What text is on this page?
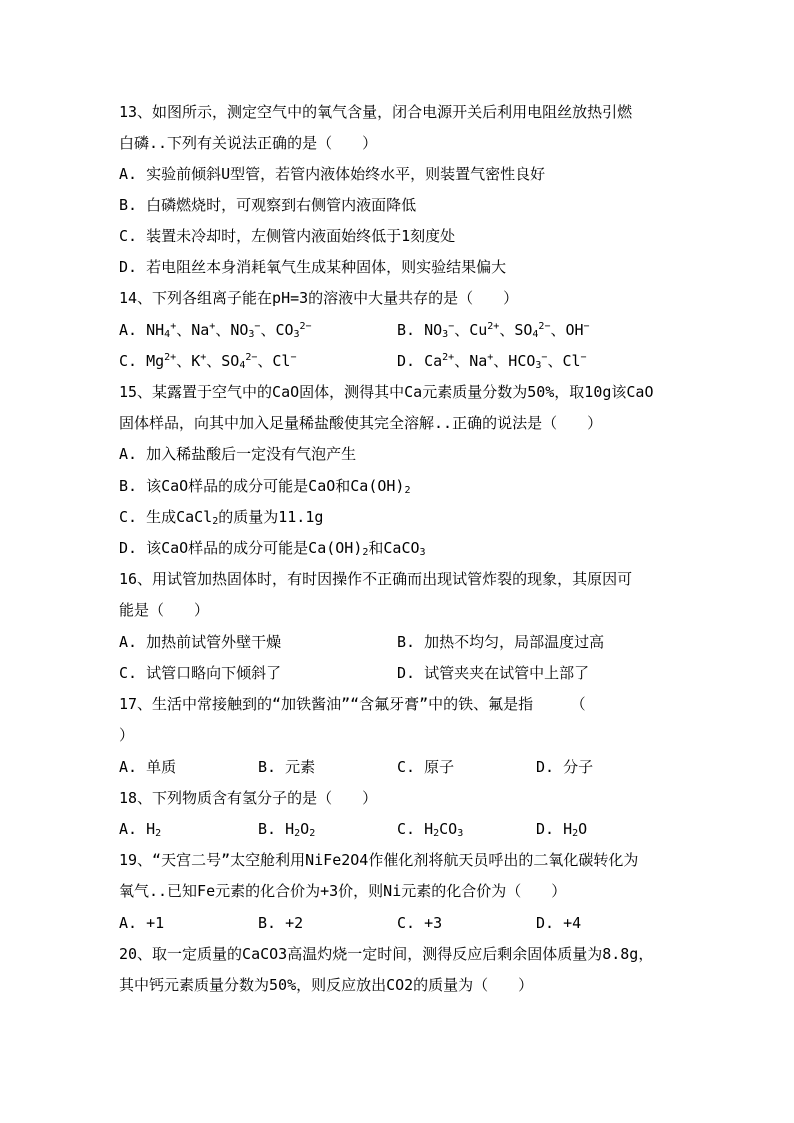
13、如图所示，测定空气中的氧气含量，闭合电源开关后利用电阻丝放热引燃
白磷..下列有关说法正确的是（　　）
A. 实验前倾斜U型管，若管内液体始终水平，则装置气密性良好
B. 白磷燃烧时，可观察到右侧管内液面降低
C. 装置未冷却时，左侧管内液面始终低于1刻度处
D. 若电阻丝本身消耗氧气生成某种固体，则实验结果偏大
14、下列各组离子能在pH=3的溶液中大量共存的是（　　）
A. $NH_4^+$、Na+、$NO_3^-$、$CO_3^{2-}$	B. $NO_3^-$、$Cu^{2+}$、$SO_4^{2-}$、OH−
C. $Mg^{2+}$、K+、$SO_4^{2-}$、Cl−	D. $Ca^{2+}$、Na+、$HCO_3^-$、Cl−
15、某露置于空气中的CaO固体，测得其中Ca元素质量分数为50%，取10g该CaO
固体样品，向其中加入足量稀盐酸使其完全溶解..正确的说法是（　　）
A. 加入稀盐酸后一定没有气泡产生
B. 该CaO样品的成分可能是CaO和$Ca(OH)_2$
C. 生成CaCl$_2$的质量为11.1g
D. 该CaO样品的成分可能是$Ca(OH)_2$和CaCO$_3$
16、用试管加热固体时，有时因操作不正确而出现试管炸裂的现象，其原因可
能是（　　）
A. 加热前试管外壁干燥	B. 加热不均匀，局部温度过高
C. 试管口略向下倾斜了	D. 试管夹夹在试管中上部了
17、生活中常接触到的“加铁酱油”“含氟牙膏”中的铁、氟是指　　　（
）
A. 单质	B. 元素	C. 原子	D. 分子
18、下列物质含有氢分子的是（　　）
A. $H_2$	B. $H_2O_2$	C. $H_2CO_3$	D. $H_2O$
19、“天宫二号”太空舱利用NiFe2O4作催化剂将航天员呼出的二氧化碳转化为
氧气..已知Fe元素的化合价为+3价，则Ni元素的化合价为（　　）
A. +1	B. +2	C. +3	D. +4
20、取一定质量的CaCO3高温灼烧一定时间，测得反应后剩余固体质量为8.8g，
其中钙元素质量分数为50%，则反应放出CO2的质量为（　　）
